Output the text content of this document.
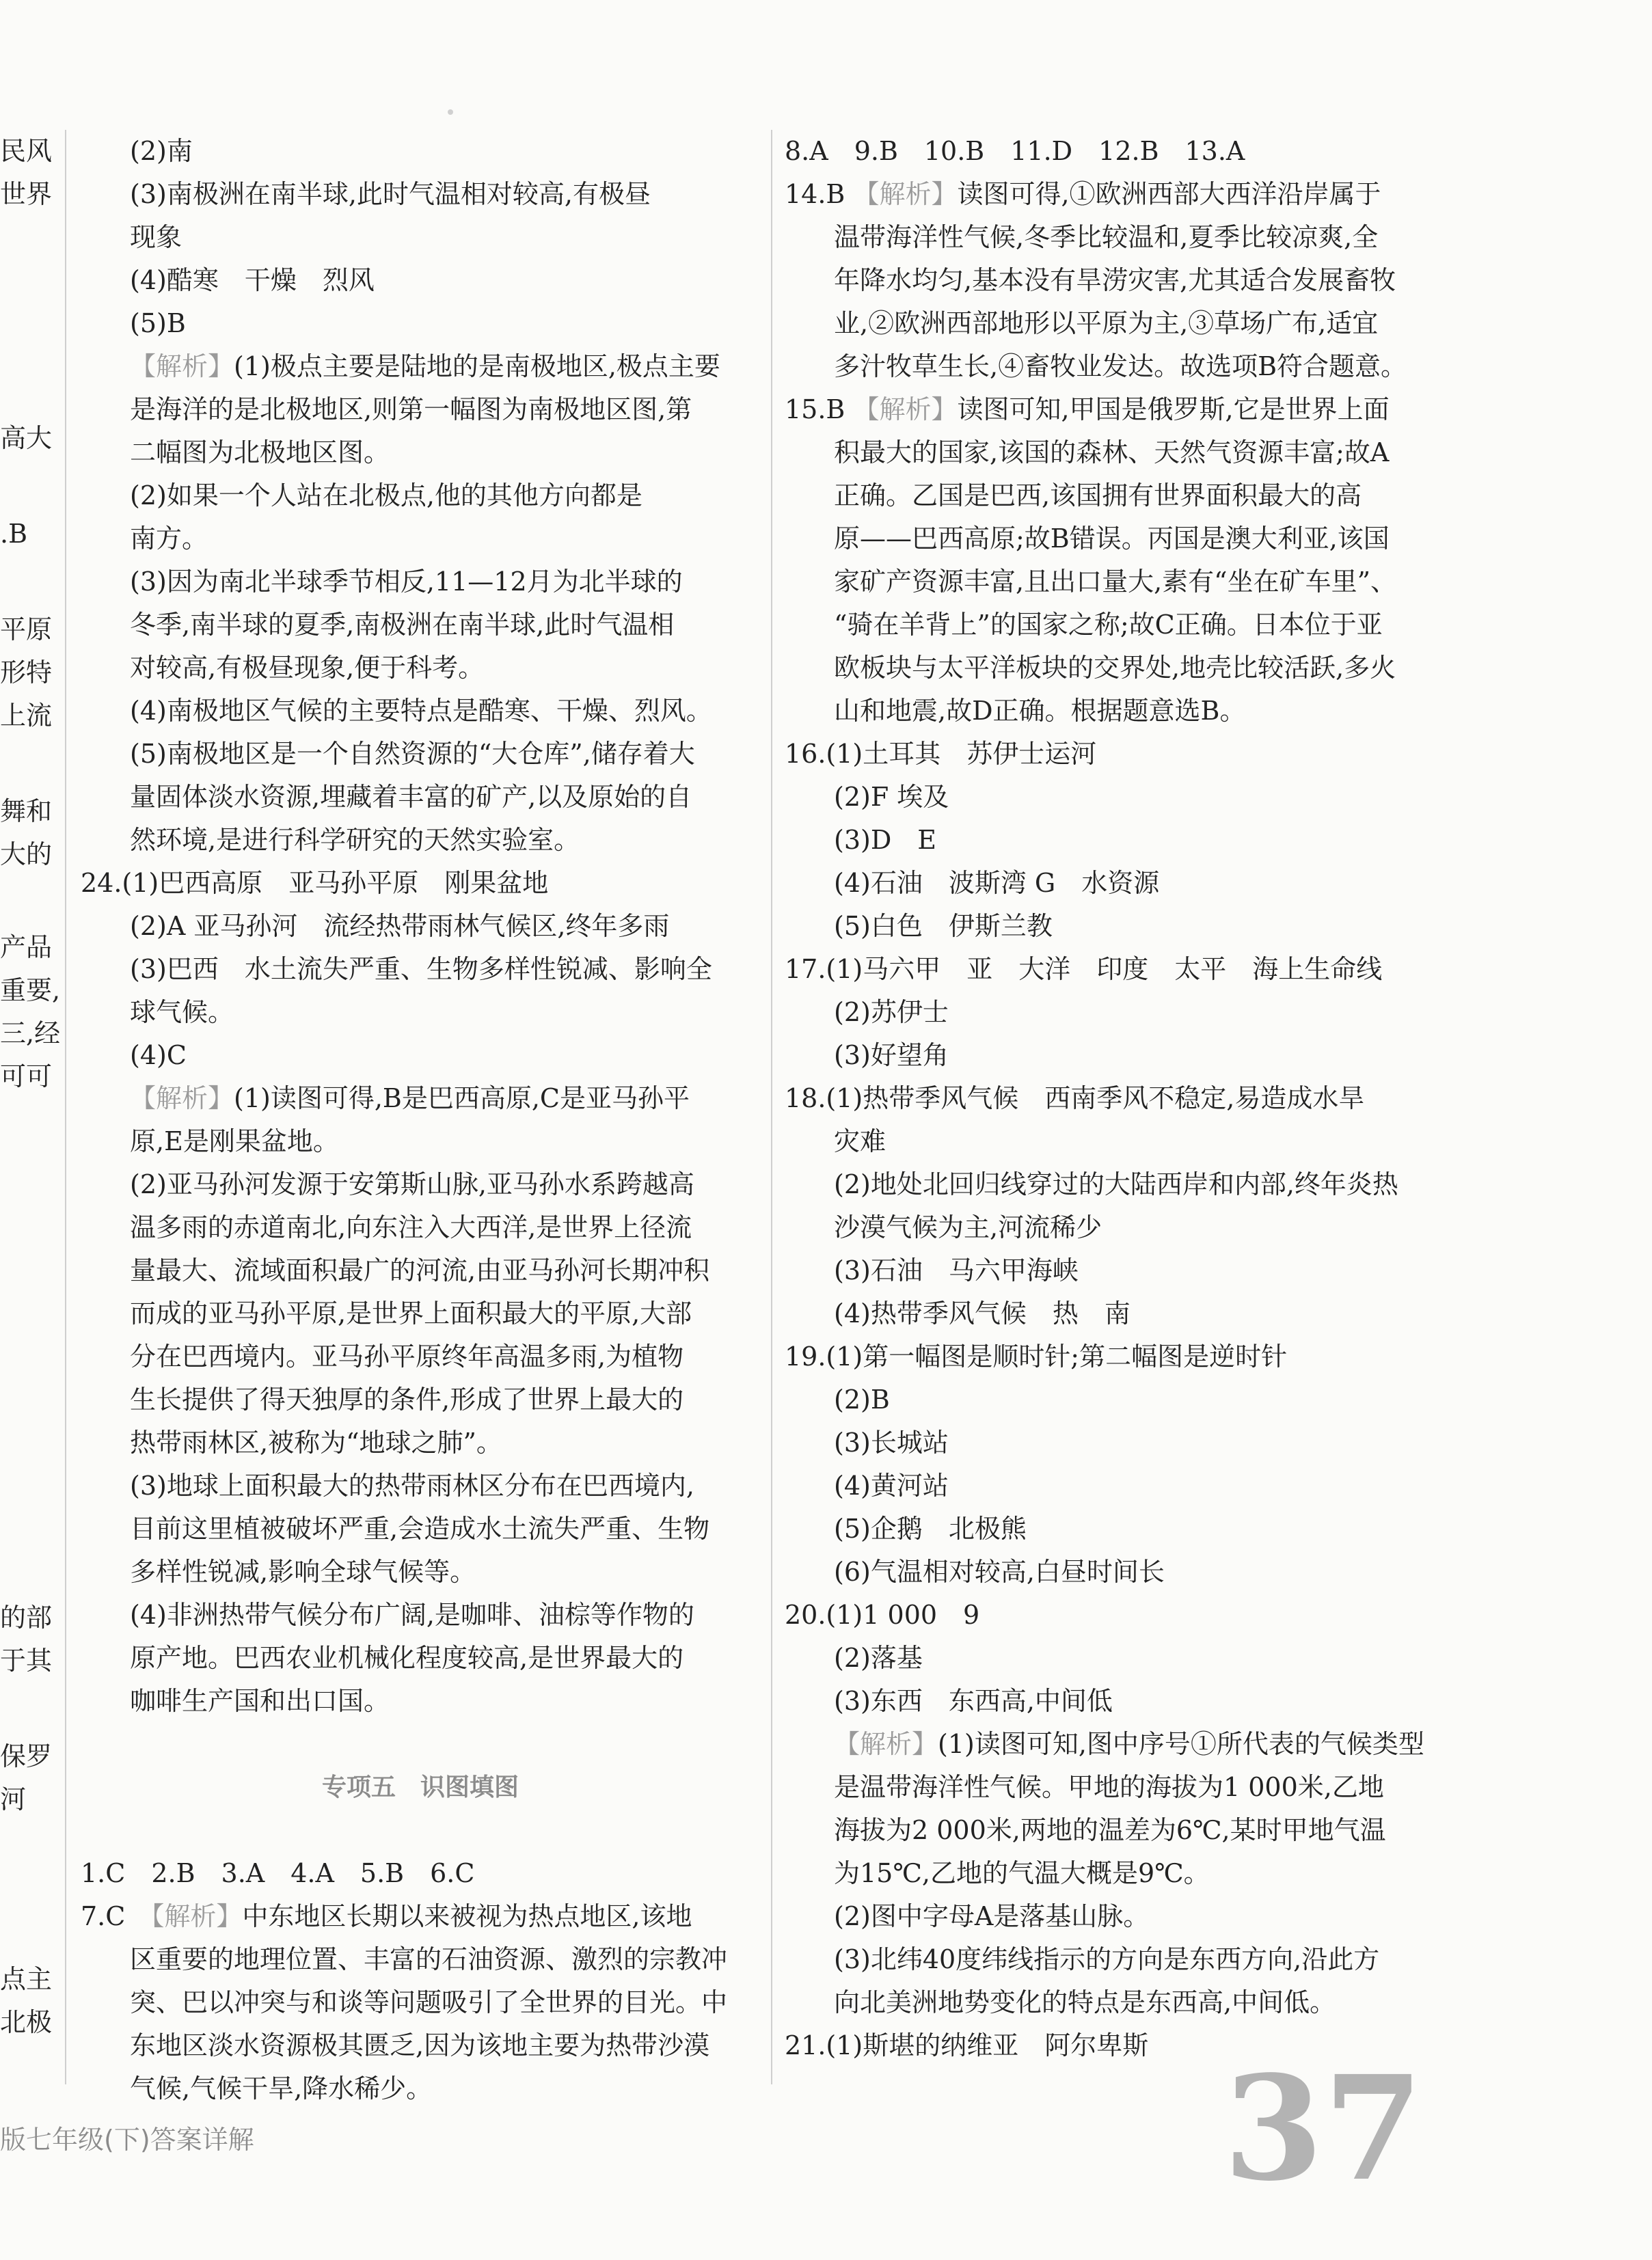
民风
世界
高大
.B
平原
形特
上流
舞和
大的
产品
重要,
三,经
可可
的部
于其
保罗
河
点主
北极
(2)南
(3)南极洲在南半球,此时气温相对较高,有极昼
现象
(4)酷寒　干燥　烈风
(5)B
【解析】(1)极点主要是陆地的是南极地区,极点主要
是海洋的是北极地区,则第一幅图为南极地区图,第
二幅图为北极地区图。
(2)如果一个人站在北极点,他的其他方向都是
南方。
(3)因为南北半球季节相反,11—12月为北半球的
冬季,南半球的夏季,南极洲在南半球,此时气温相
对较高,有极昼现象,便于科考。
(4)南极地区气候的主要特点是酷寒、干燥、烈风。
(5)南极地区是一个自然资源的“大仓库”,储存着大
量固体淡水资源,埋藏着丰富的矿产,以及原始的自
然环境,是进行科学研究的天然实验室。
24.(1)巴西高原　亚马孙平原　刚果盆地
(2)A 亚马孙河　流经热带雨林气候区,终年多雨
(3)巴西　水土流失严重、生物多样性锐减、影响全
球气候。
(4)C
【解析】(1)读图可得,B是巴西高原,C是亚马孙平
原,E是刚果盆地。
(2)亚马孙河发源于安第斯山脉,亚马孙水系跨越高
温多雨的赤道南北,向东注入大西洋,是世界上径流
量最大、流域面积最广的河流,由亚马孙河长期冲积
而成的亚马孙平原,是世界上面积最大的平原,大部
分在巴西境内。亚马孙平原终年高温多雨,为植物
生长提供了得天独厚的条件,形成了世界上最大的
热带雨林区,被称为“地球之肺”。
(3)地球上面积最大的热带雨林区分布在巴西境内,
目前这里植被破坏严重,会造成水土流失严重、生物
多样性锐减,影响全球气候等。
(4)非洲热带气候分布广阔,是咖啡、油棕等作物的
原产地。巴西农业机械化程度较高,是世界最大的
咖啡生产国和出口国。

专项五　识图填图

1.C　2.B　3.A　4.A　5.B　6.C
7.C　【解析】中东地区长期以来被视为热点地区,该地
区重要的地理位置、丰富的石油资源、激烈的宗教冲
突、巴以冲突与和谈等问题吸引了全世界的目光。中
东地区淡水资源极其匮乏,因为该地主要为热带沙漠
气候,气候干旱,降水稀少。
8.A　9.B　10.B　11.D　12.B　13.A
14.B 【解析】读图可得,①欧洲西部大西洋沿岸属于
温带海洋性气候,冬季比较温和,夏季比较凉爽,全
年降水均匀,基本没有旱涝灾害,尤其适合发展畜牧
业,②欧洲西部地形以平原为主,③草场广布,适宜
多汁牧草生长,④畜牧业发达。故选项B符合题意。
15.B 【解析】读图可知,甲国是俄罗斯,它是世界上面
积最大的国家,该国的森林、天然气资源丰富;故A
正确。乙国是巴西,该国拥有世界面积最大的高
原——巴西高原;故B错误。丙国是澳大利亚,该国
家矿产资源丰富,且出口量大,素有“坐在矿车里”、
“骑在羊背上”的国家之称;故C正确。日本位于亚
欧板块与太平洋板块的交界处,地壳比较活跃,多火
山和地震,故D正确。根据题意选B。
16.(1)土耳其　苏伊士运河
(2)F 埃及
(3)D　E
(4)石油　波斯湾 G　水资源
(5)白色　伊斯兰教
17.(1)马六甲　亚　大洋　印度　太平　海上生命线
(2)苏伊士
(3)好望角
18.(1)热带季风气候　西南季风不稳定,易造成水旱
灾难
(2)地处北回归线穿过的大陆西岸和内部,终年炎热
沙漠气候为主,河流稀少
(3)石油　马六甲海峡
(4)热带季风气候　热　南
19.(1)第一幅图是顺时针;第二幅图是逆时针
(2)B
(3)长城站
(4)黄河站
(5)企鹅　北极熊
(6)气温相对较高,白昼时间长
20.(1)1 000　9
(2)落基
(3)东西　东西高,中间低
【解析】(1)读图可知,图中序号①所代表的气候类型
是温带海洋性气候。甲地的海拔为1 000米,乙地
海拔为2 000米,两地的温差为6℃,某时甲地气温
为15℃,乙地的气温大概是9℃。
(2)图中字母A是落基山脉。
(3)北纬40度纬线指示的方向是东西方向,沿此方
向北美洲地势变化的特点是东西高,中间低。
21.(1)斯堪的纳维亚　阿尔卑斯
版七年级(下)答案详解	37
